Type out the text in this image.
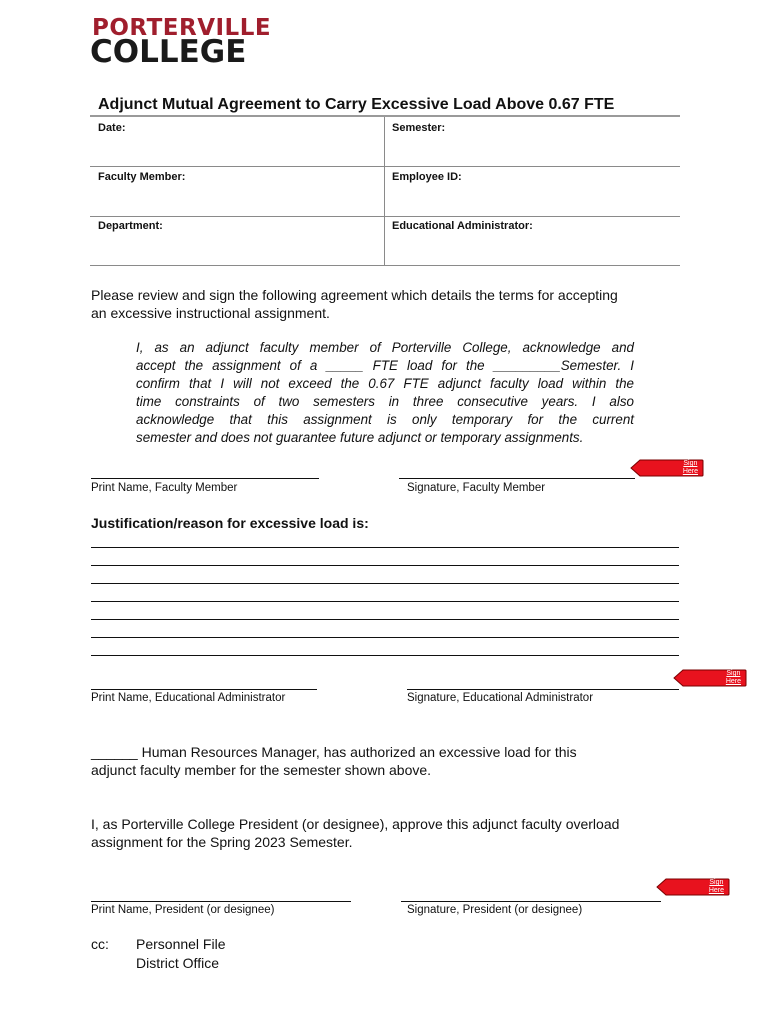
PORTERVILLE
COLLEGE
Adjunct Mutual Agreement to Carry Excessive Load Above 0.67 FTE
Date:	Semester:
Faculty Member:	Employee ID:
Department:	Educational Administrator:
Please review and sign the following agreement which details the terms for accepting
an excessive instructional assignment.
I, as an adjunct faculty member of Porterville College, acknowledge and
accept the assignment of a _____ FTE load for the _________Semester. I
confirm that I will not exceed the 0.67 FTE adjunct faculty load within the
time constraints of two semesters in three consecutive years. I also
acknowledge that this assignment is only temporary for the current
semester and does not guarantee future adjunct or temporary assignments.
Print Name, Faculty Member	Signature, Faculty Member
Sign
Here
Justification/reason for excessive load is:
Print Name, Educational Administrator	Signature, Educational Administrator
Sign
Here
______ Human Resources Manager, has authorized an excessive load for this
adjunct faculty member for the semester shown above.
I, as Porterville College President (or designee), approve this adjunct faculty overload
assignment for the Spring 2023 Semester.
Print Name, President (or designee)	Signature, President (or designee)
Sign
Here
cc: Personnel File
District Office
